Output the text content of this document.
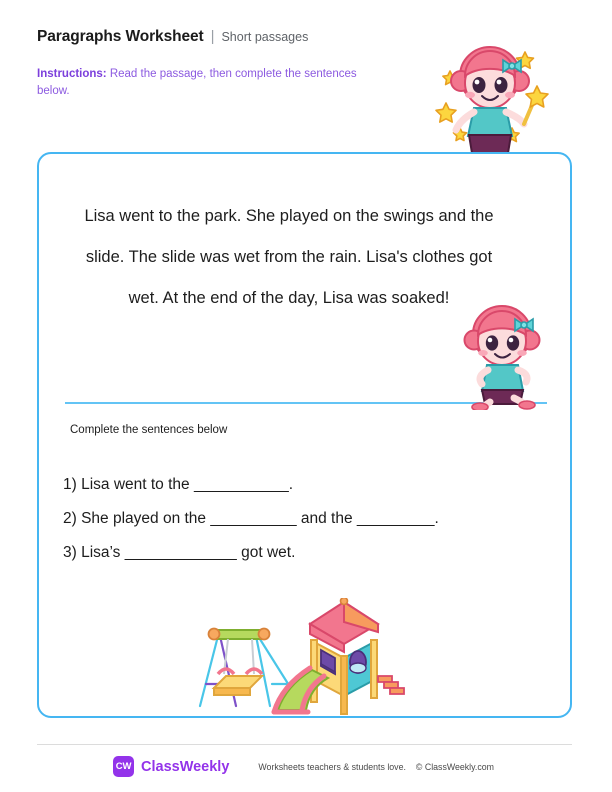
Paragraphs Worksheet | Short passages
Instructions: Read the passage, then complete the sentences below.
Lisa went to the park. She played on the swings and the slide. The slide was wet from the rain. Lisa's clothes got wet. At the end of the day, Lisa was soaked!
Complete the sentences below
1) Lisa went to the ___________.
2) She played on the __________ and the _________.
3) Lisa’s _____________ got wet.
CW ClassWeekly	Worksheets teachers & students love. © ClassWeekly.com
